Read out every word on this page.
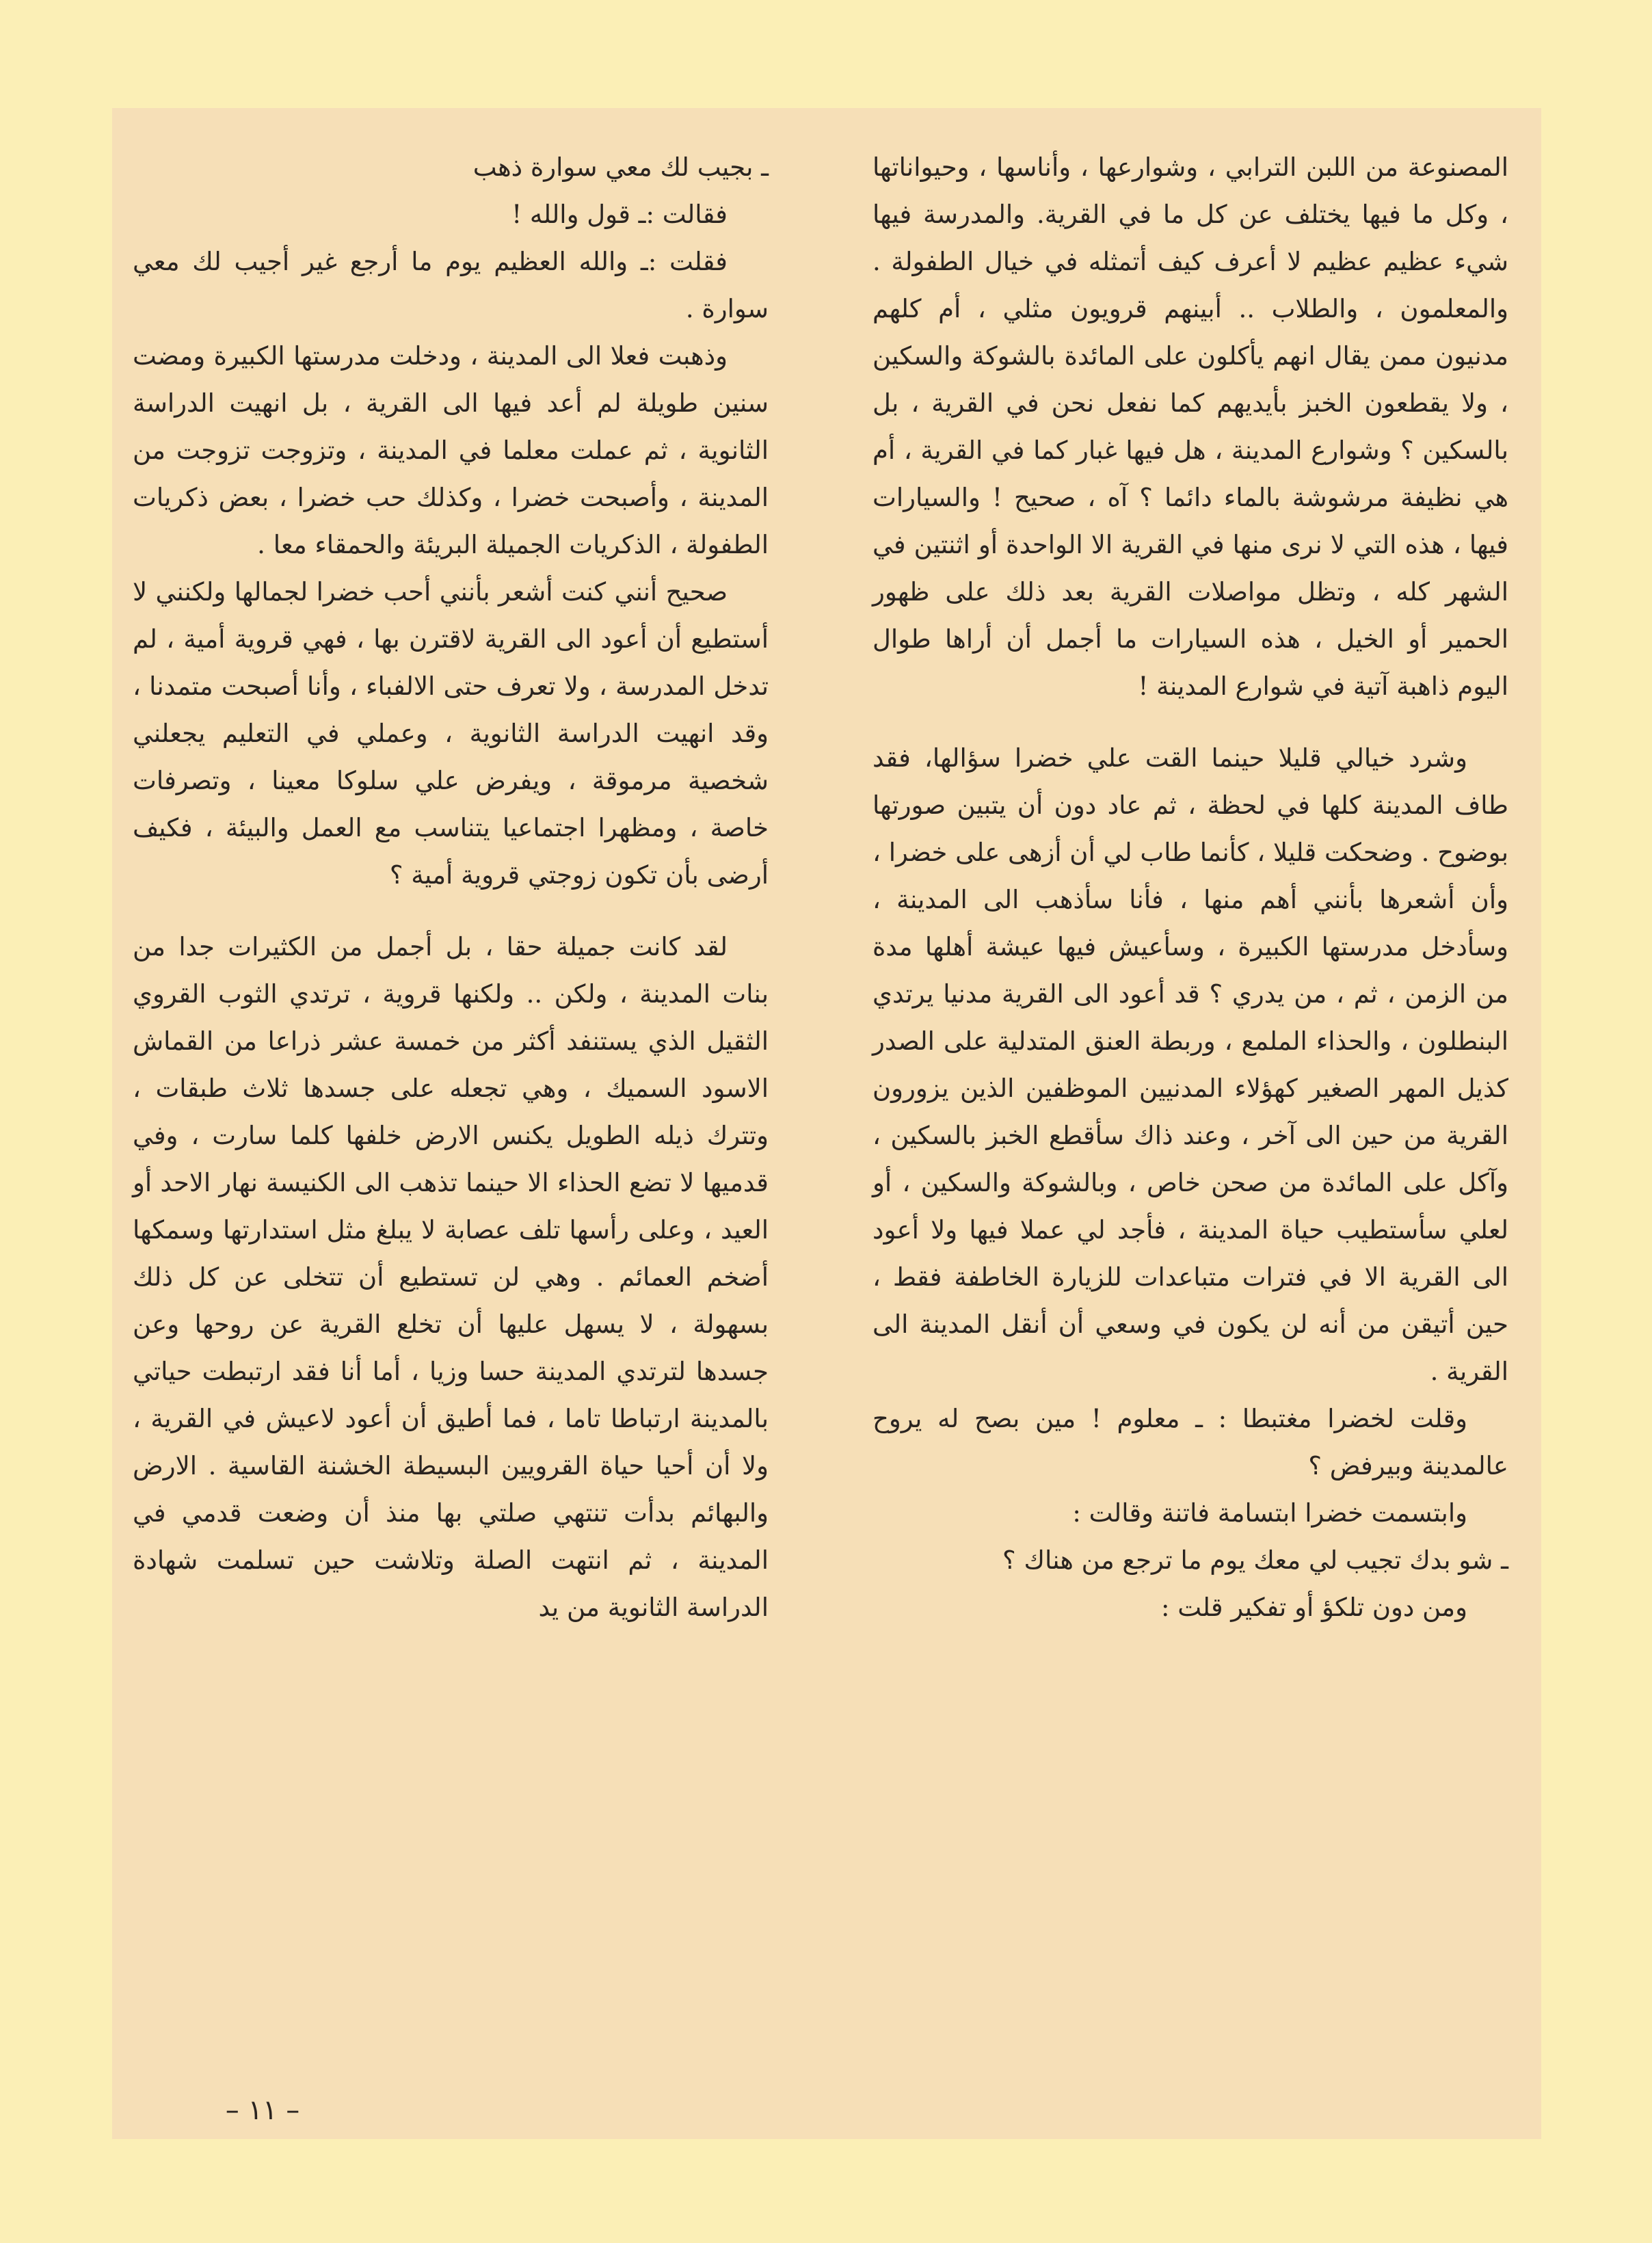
المصنوعة من اللبن الترابي ، وشوارعها ، وأناسها ، وحيواناتها ، وكل ما فيها يختلف عن كل ما في القرية. والمدرسة فيها شيء عظيم عظيم لا أعرف كيف أتمثله في خيال الطفولة . والمعلمون ، والطلاب .. أبينهم قرويون مثلي ، أم كلهم مدنيون ممن يقال انهم يأكلون على المائدة بالشوكة والسكين ، ولا يقطعون الخبز بأيديهم كما نفعل نحن في القرية ، بل بالسكين ؟ وشوارع المدينة ، هل فيها غبار كما في القرية ، أم هي نظيفة مرشوشة بالماء دائما ؟ آه ، صحيح ! والسيارات فيها ، هذه التي لا نرى منها في القرية الا الواحدة أو اثنتين في الشهر كله ، وتظل مواصلات القرية بعد ذلك على ظهور الحمير أو الخيل ، هذه السيارات ما أجمل أن أراها طوال اليوم ذاهبة آتية في شوارع المدينة !

وشرد خيالي قليلا حينما القت علي خضرا سؤالها، فقد طاف المدينة كلها في لحظة ، ثم عاد دون أن يتبين صورتها بوضوح . وضحكت قليلا ، كأنما طاب لي أن أزهى على خضرا ، وأن أشعرها بأنني أهم منها ، فأنا سأذهب الى المدينة ، وسأدخل مدرستها الكبيرة ، وسأعيش فيها عيشة أهلها مدة من الزمن ، ثم ، من يدري ؟ قد أعود الى القرية مدنيا يرتدي البنطلون ، والحذاء الملمع ، وربطة العنق المتدلية على الصدر كذيل المهر الصغير كهؤلاء المدنيين الموظفين الذين يزورون القرية من حين الى آخر ، وعند ذاك سأقطع الخبز بالسكين ، وآكل على المائدة من صحن خاص ، وبالشوكة والسكين ، أو لعلي سأستطيب حياة المدينة ، فأجد لي عملا فيها ولا أعود الى القرية الا في فترات متباعدات للزيارة الخاطفة فقط ، حين أتيقن من أنه لن يكون في وسعي أن أنقل المدينة الى القرية .

وقلت لخضرا مغتبطا : ـ معلوم ! مين بصح له يروح عالمدينة وبيرفض ؟

وابتسمت خضرا ابتسامة فاتنة وقالت :

ـ شو بدك تجيب لي معك يوم ما ترجع من هناك ؟

ومن دون تلكؤ أو تفكير قلت :

ـ بجيب لك معي سوارة ذهب

فقالت :ـ قول والله !

فقلت :ـ والله العظيم يوم ما أرجع غير أجيب لك معي سوارة .

وذهبت فعلا الى المدينة ، ودخلت مدرستها الكبيرة ومضت سنين طويلة لم أعد فيها الى القرية ، بل انهيت الدراسة الثانوية ، ثم عملت معلما في المدينة ، وتزوجت تزوجت من المدينة ، وأصبحت خضرا ، وكذلك حب خضرا ، بعض ذكريات الطفولة ، الذكريات الجميلة البريئة والحمقاء معا .

صحيح أنني كنت أشعر بأنني أحب خضرا لجمالها ولكنني لا أستطيع أن أعود الى القرية لاقترن بها ، فهي قروية أمية ، لم تدخل المدرسة ، ولا تعرف حتى الالفباء ، وأنا أصبحت متمدنا ، وقد انهيت الدراسة الثانوية ، وعملي في التعليم يجعلني شخصية مرموقة ، ويفرض علي سلوكا معينا ، وتصرفات خاصة ، ومظهرا اجتماعيا يتناسب مع العمل والبيئة ، فكيف أرضى بأن تكون زوجتي قروية أمية ؟

لقد كانت جميلة حقا ، بل أجمل من الكثيرات جدا من بنات المدينة ، ولكن .. ولكنها قروية ، ترتدي الثوب القروي الثقيل الذي يستنفد أكثر من خمسة عشر ذراعا من القماش الاسود السميك ، وهي تجعله على جسدها ثلاث طبقات ، وتترك ذيله الطويل يكنس الارض خلفها كلما سارت ، وفي قدميها لا تضع الحذاء الا حينما تذهب الى الكنيسة نهار الاحد أو العيد ، وعلى رأسها تلف عصابة لا يبلغ مثل استدارتها وسمكها أضخم العمائم . وهي لن تستطيع أن تتخلى عن كل ذلك بسهولة ، لا يسهل عليها أن تخلع القرية عن روحها وعن جسدها لترتدي المدينة حسا وزيا ، أما أنا فقد ارتبطت حياتي بالمدينة ارتباطا تاما ، فما أطيق أن أعود لاعيش في القرية ، ولا أن أحيا حياة القرويين البسيطة الخشنة القاسية . الارض والبهائم بدأت تنتهي صلتي بها منذ أن وضعت قدمي في المدينة ، ثم انتهت الصلة وتلاشت حين تسلمت شهادة الدراسة الثانوية من يد

– ١١ –
